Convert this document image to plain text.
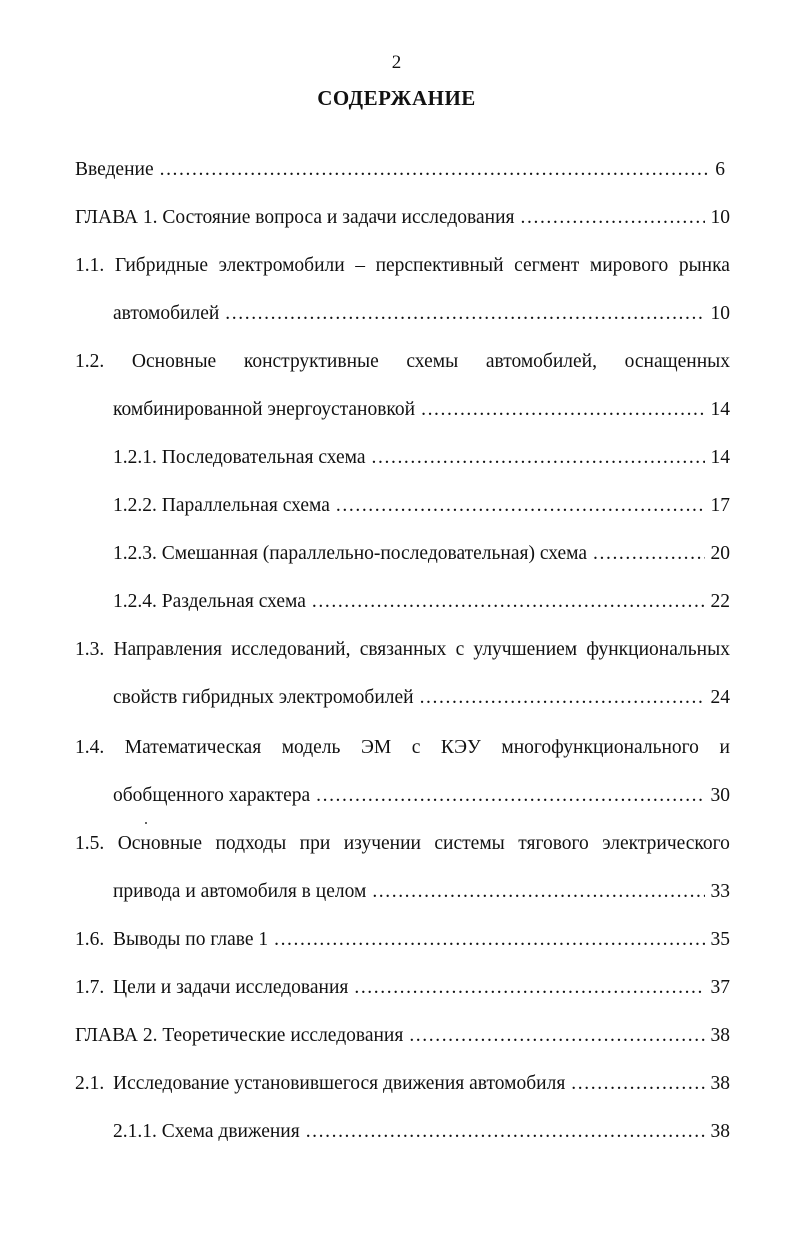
2
СОДЕРЖАНИЕ
Введение .....	6
ГЛАВА 1. Состояние вопроса и задачи исследования .....	10
1.1. Гибридные электромобили – перспективный сегмент мирового рынка
автомобилей .....	10
1.2. Основные конструктивные схемы автомобилей, оснащенных
комбинированной энергоустановкой .....	14
1.2.1. Последовательная схема .....	14
1.2.2. Параллельная схема .....	17
1.2.3. Смешанная (параллельно-последовательная) схема .....	20
1.2.4. Раздельная схема .....	22
1.3. Направления исследований, связанных с улучшением функциональных
свойств гибридных электромобилей .....	24
1.4. Математическая модель ЭМ с КЭУ многофункционального и
обобщенного характера .....	30
1.5. Основные подходы при изучении системы тягового электрического
привода и автомобиля в целом .....	33
1.6. Выводы по главе 1 .....	35
1.7. Цели и задачи исследования .....	37
ГЛАВА 2. Теоретические исследования .....	38
2.1. Исследование установившегося движения автомобиля .....	38
2.1.1. Схема движения .....	38
